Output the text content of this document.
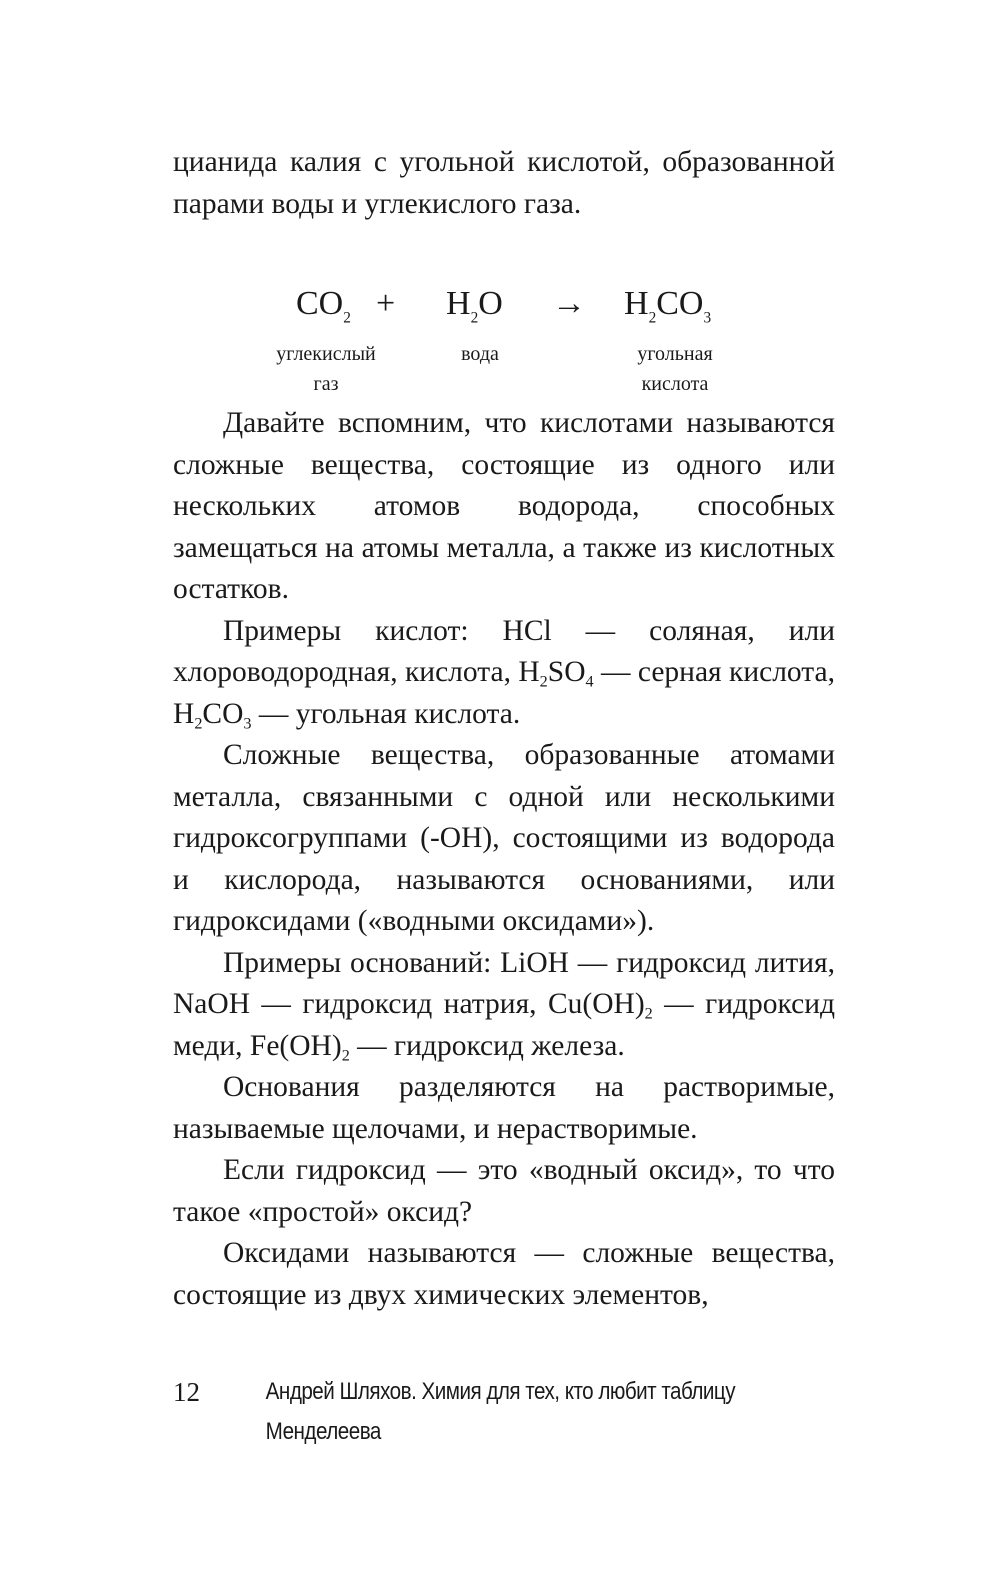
цианида калия с угольной кислотой, образованной парами воды и углекислого газа.

$CO_2 + H_2O \to H_2CO_3$
углекислый
газ
вода	угольная
кислота

Давайте вспомним, что кислотами называются сложные вещества, состоящие из одного или нескольких атомов водорода, способных замещаться на атомы металла, а также из кислотных остатков.

Примеры кислот: HCl — соляная, или хлороводородная, кислота, $H_2SO_4$ — серная кислота, $H_2CO_3$ — угольная кислота.

Сложные вещества, образованные атомами металла, связанными с одной или несколькими гидроксогруппами (-OH), состоящими из водорода и кислорода, называются основаниями, или гидроксидами («водными оксидами»).

Примеры оснований: LiOH — гидроксид лития, NaOH — гидроксид натрия, $Cu(OH)_2$ — гидроксид меди, $Fe(OH)_2$ — гидроксид железа.

Основания разделяются на растворимые, называемые щелочами, и нерастворимые.

Если гидроксид — это «водный оксид», то что такое «простой» оксид?

Оксидами называются — сложные вещества, состоящие из двух химических элементов,

12	Андрей Шляхов. Химия для тех, кто любит таблицу Менделеева
